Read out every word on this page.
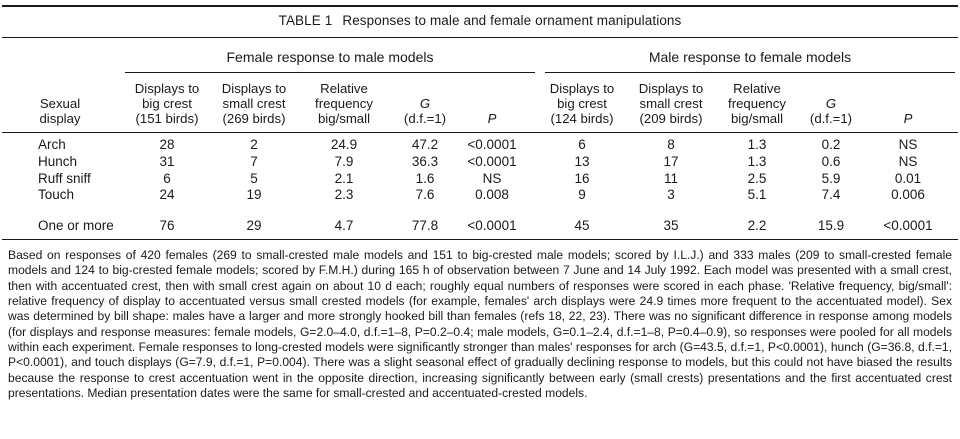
TABLE 1 Responses to male and female ornament manipulations
Female response to male models	Male response to female models
Sexual
display
Displays to
big crest
(151 birds)
Displays to
small crest
(269 birds)
Relative
frequency
big/small
G
(d.f.=1)	P
Displays to
big crest
(124 birds)
Displays to
small crest
(209 birds)
Relative
frequency
big/small
G
(d.f.=1)	P
Arch	28	2	24.9	47.2	<0.0001	6	8	1.3	0.2	NS
Hunch	31	7	7.9	36.3	<0.0001	13	17	1.3	0.6	NS
Ruff sniff	6	5	2.1	1.6	NS	16	11	2.5	5.9	0.01
Touch	24	19	2.3	7.6	0.008	9	3	5.1	7.4	0.006
One or more	76	29	4.7	77.8	<0.0001	45	35	2.2	15.9	<0.0001

Based on responses of 420 females (269 to small-crested male models and 151 to big-crested male models; scored by I.L.J.) and 333 males (209 to small-crested female models and 124 to big-crested female models; scored by F.M.H.) during 165 h of observation between 7 June and 14 July 1992. Each model was presented with a small crest, then with accentuated crest, then with small crest again on about 10 d each; roughly equal numbers of responses were scored in each phase. 'Relative frequency, big/small': relative frequency of display to accentuated versus small crested models (for example, females' arch displays were 24.9 times more frequent to the accentuated model). Sex was determined by bill shape: males have a larger and more strongly hooked bill than females (refs 18, 22, 23). There was no significant difference in response among models (for displays and response measures: female models, G=2.0–4.0, d.f.=1–8, P=0.2–0.4; male models, G=0.1–2.4, d.f.=1–8, P=0.4–0.9), so responses were pooled for all models within each experiment. Female responses to long-crested models were significantly stronger than males' responses for arch (G=43.5, d.f.=1, P<0.0001), hunch (G=36.8, d.f.=1, P<0.0001), and touch displays (G=7.9, d.f.=1, P=0.004). There was a slight seasonal effect of gradually declining response to models, but this could not have biased the results because the response to crest accentuation went in the opposite direction, increasing significantly between early (small crests) presentations and the first accentuated crest presentations. Median presentation dates were the same for small-crested and accentuated-crested models.
